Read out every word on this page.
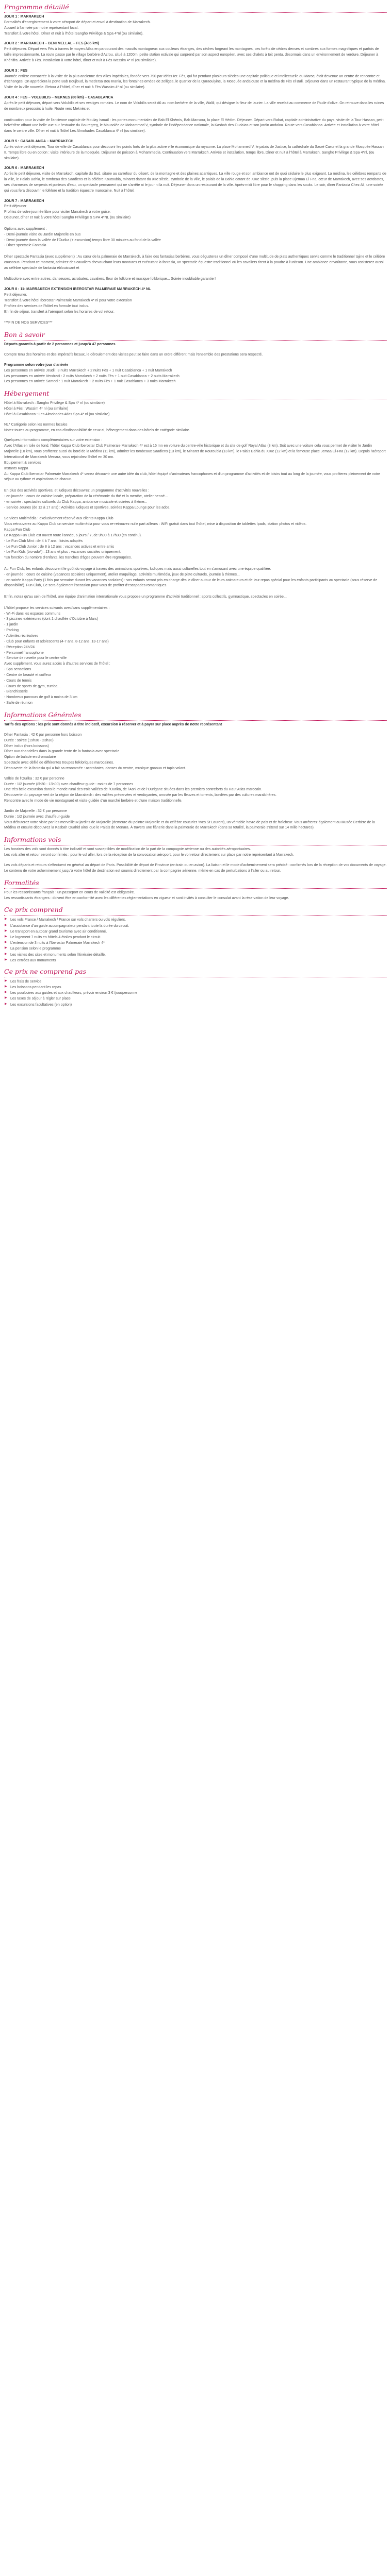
Programme détaillé

JOUR 1 : MARRAKECH
Formalités d'enregistrement à votre aéroport de départ et envol à destination de Marrakech.
Accueil à l'arrivée par notre représentant local.
Transfert à votre hôtel. Dîner et nuit à l'hôtel Sangho Privilège & Spa 4*nl (ou similaire).

JOUR 2 : MARRAKECH – BENI MELLAL – FES (485 km)
Petit déjeuner. Départ vers Fès à travers le moyen Atlas en parcourant des massifs montagneux aux couleurs étranges, des cèdres forgeant les montagnes, ces forêts de cèdres denses et sombres aux formes magnifiques et parfois de taille impressionnante. La route passe par le village berbère d'Azrou, situé à 1200m, petite station estivale qui surprend par son aspect européen, avec ses chalets à toit pentu, désormais dans un environnement de verdure. Déjeuner à Khénifra. Arrivée à Fès. Installation à votre hôtel, dîner et nuit à Fès Wassim 4* nl (ou similaire).

JOUR 3 : FES
Journée entière consacrée à la visite de la plus ancienne des villes impériales, fondée vers 790 par Idriss Ier. Fès, qui fut pendant plusieurs siècles une capitale politique et intellectuelle du Maroc, était devenue un centre de rencontre et d'échanges. On appréciera la porte Bab Boujloud, la medersa Bou Inania, les fontaines ornées de zelliges, le quartier de la Qaraouiyine, la Mosquée andalouse et la médina de Fès el Bali. Déjeuner dans un restaurant typique de la médina. Visite de la ville nouvelle. Retour à l'hôtel, dîner et nuit à Fès Wassim 4* nl (ou similaire).

JOUR 4 : FES – VOLUBILIS – MEKNES (80 km) – CASABLANCA
Après le petit déjeuner, départ vers Volubilis et ses vestiges romains. Le nom de Volubilis serait dû au nom berbère de la ville, Walili, qui désigne la fleur de laurier. La ville recelait au commerce de l'huile d'olive. On retrouve dans les ruines de nombreux pressoirs à huile. Route vers Meknès et

continuation pour la visite de l'ancienne capitale de Moulay Ismaïl : les portes monumentales de Bab El Khémis, Bab Mansour, la place El Hédim. Déjeuner. Départ vers Rabat, capitale administrative du pays, visite de la Tour Hassan, petit belvédère offrant une belle vue sur l'estuaire du Bouregreg, le Mausolée de Mohammed V, symbole de l'indépendance nationale, la Kasbah des Oudaïas et son jardin andalou. Route vers Casablanca. Arrivée et installation à votre hôtel dans le centre ville. Dîner et nuit à l'hôtel Les Almohades Casablanca 4* nl (ou similaire).

JOUR 5 : CASABLANCA – MARRAKECH
Après votre petit déjeuner, Tour de ville de Casablanca pour découvrir les points forts de la plus active ville économique du royaume. La place Mohammed V, le palais de Justice, la cathédrale du Sacré Cœur et la grande Mosquée Hassan II. Temps libre ou en option : visite intérieure de la mosquée. Déjeuner de poisson à Mohammedia. Continuation vers Marrakech. Arrivée et installation, temps libre, Dîner et nuit à l'hôtel à Marrakech, Sangho Privilège & Spa 4*nl, (ou similaire).

JOUR 6 : MARRAKECH
Après le petit déjeuner, visite de Marrakech, capitale du Sud, située au carrefour du désert, de la montagne et des plaines atlantiques. La ville rouge et son ambiance ont de quoi séduire le plus exigeant. La médina, les célèbres remparts de la ville, le Palais Bahia, le tombeau des Saadiens et la célèbre Koutoubia, minaret datant du XIIe siècle, symbole de la ville, le palais de la Bahia datant de XIXe siècle, puis la place Djemaa El Fna, cœur de Marrakech, avec ses acrobates, ses charmeurs de serpents et porteurs d'eau, un spectacle permanent qui ne s'arrête ni le jour ni la nuit. Déjeuner dans un restaurant de la ville. Après-midi libre pour le shopping dans les souks. Le soir, dîner Fantasia Chez Ali, une soirée qui vous fera découvrir le folklore et la tradition équestre marocaine. Nuit à l'hôtel.

JOUR 7 : MARRAKECH
Petit déjeuner
Profitez de votre journée libre pour visiter Marrakech à votre guise.
Déjeuner, dîner et nuit à votre hôtel Sangho Privilège & SPA 4*NL (ou similaire)

Options avec supplément :
- Demi-journée visite du Jardin Majorelle en bus
- Demi-journée dans la vallée de l'Ourika (+ excursion) temps libre 30 minutes au fond de la vallée
- Dîner spectacle Fantasia

Dîner spectacle Fantasia (avec supplément) : Au cœur de la palmeraie de Marrakech, à faire des fantasias berbères, vous dégusterez un dîner composé d'une multitude de plats authentiques servis comme le traditionnel tajine et le célèbre couscous. Pendant ce moment, admirez des cavaliers chevauchant leurs montures et exécutant la fantasia, un spectacle équestre traditionnel où les cavaliers tirent à la poudre à l'unisson. Une ambiance envoûtante, vous assisterez aussi au célèbre spectacle de fantasia éblouissant et

Multicolore avec entre autres, danseuses, acrobates, cavaliers, fleur de folklore et musique folklorique... Soirée inoubliable garantie !

JOUR 8 : 11: MARRAKECH EXTENSION IBEROSTAR PALMERAIE MARRAKECH 4* NL
Petit déjeuner.
Transfert à votre hôtel Iberostar Palmeraie Marrakech 4* nl pour votre extension
Profitez des services de l'hôtel en formule tout inclus.
En fin de séjour, transfert à l'aéroport selon les horaires de vol retour.

***FIN DE NOS SERVICES***

Bon à savoir

Départs garantis à partir de 2 personnes et jusqu'à 47 personnes

Compte tenu des horaires et des impératifs locaux, le déroulement des visites peut se faire dans un ordre différent mais l'ensemble des prestations sera respecté.

Programme selon votre jour d'arrivée
Les personnes en arrivée Jeudi : 3 nuits Marrakech + 2 nuits Fès + 1 nuit Casablanca + 1 nuit Marrakech
Les personnes en arrivée Vendredi : 2 nuits Marrakech + 2 nuits Fès + 1 nuit Casablanca + 2 nuits Marrakech
Les personnes en arrivée Samedi : 1 nuit Marrakech + 2 nuits Fès + 1 nuit Casablanca + 3 nuits Marrakech

Hébergement

Hôtel à Marrakech : Sangho Privilège & Spa 4* nl (ou similaire)
Hôtel à Fès : Wassim 4* nl (ou similaire)
Hôtel à Casablanca : Les Almohades Atlas Spa 4* nl (ou similaire)

NL* Catégorie selon les normes locales
Notez toutes au programme, en cas d'indisponibilité de ceux-ci, hébergement dans des hôtels de catégorie similaire.

Quelques informations complémentaires sur votre extension :
Avec l'Atlas en toile de fond, l'hôtel Kappa Club Iberostar Club Palmeraie Marrakech 4* est à 15 mn en voiture du centre-ville historique et du site de golf Royal Atlas (3 km). Soit avec une voiture cela vous permet de visiter le Jardin Majorelle (10 km), vous profiterez aussi du bord de la Médina (11 km), admirer les tombeaux Saadiens (13 km), le Minaret de Koutoubia (13 km), le Palais Bahia du XIXe (12 km) et la fameuse place Jemaa El-Fna (12 km). Depuis l'aéroport International de Marrakech Menara, vous rejoindrez l'hôtel en 30 mn.
Equipement & services
Instants Kappa
Au Kappa Club Iberostar Palmeraie Marrakech 4* venez découvrir une autre idée du club, hôtel équipé d'animateurs francophones et d'un programme d'activités et de loisirs tout au long de la journée, vous profiterez pleinement de votre séjour au rythme et aspirations de chacun.

En plus des activités sportives, et ludiques découvrez un programme d'activités nouvelles :
- en journée : cours de cuisine locale, préparation de la cérémonie du thé et la menthe, atelier henné...
- en soirée : spectacles culturels du Club Kappa, ambiance musicale et soirées à thème...
- Service Jeunes (de 12 à 17 ans) : Activités ludiques et sportives, soirées Kappa Lounge pour les ados.

Services Multimédia : exclusivement réservé aux clients Kappa Club
Vous retrouverez au Kappa Club un service multimédia pour vous re-retrouvez nulle part ailleurs : WiFi gratuit dans tout l'hôtel, mise à disposition de tablettes Ipads, station photos et vidéos.
Kappa Fun Club
Le Kappa Fun Club est ouvert toute l'année, 6 jours / 7, de 9h00 à 17h30 (en continu).
- Le Fun Club Mini : de 4 à 7 ans : loisirs adaptés
- Le Fun Club Junior : de 8 à 12 ans : vacances actives et entre amis
- Le Fun Kids (bio-ado*) : 13 ans et plus : vacances sociales uniquement.
*En fonction du nombre d'enfants, les tranches d'âges peuvent être regroupées.

Au Fun Club, les enfants découvrent le goût du voyage à travers des animations sportives, ludiques mais aussi culturelles tout en s'amusant avec une équipe qualifiée.
- en journée : cours de cuisine (vacances scolaires uniquement), atelier maquillage, activités multimédia, jeux de piste culturels, journée à thèmes...
- en soirée Kappa Party (1 fois par semaine durant les vacances scolaires) : vos enfants seront pris en charge dès le dîner autour de leurs animateurs et de leur repas spécial pour les enfants participants au spectacle (sous réserve de disponibilité). Fun Club, Ce sera également l'occasion pour vous de profiter d'escapades romantiques.

Enfin, notez qu'au sein de l'hôtel, une équipe d'animation internationale vous propose un programme d'activité traditionnel : sports collectifs, gymnastique, spectacles en soirée...

L'hôtel propose les services suivants avec/sans supplémentaires :
- Wi-Fi dans les espaces communs
- 3 piscines extérieures (dont 1 chauffée d'Octobre à Mars)
- 1 jardin
- Parking
- Activités récréatives
- Club pour enfants et adolescents (4-7 ans, 8-12 ans, 13-17 ans)
- Réception 24h/24
- Personnel francophone
- Service de navette pour le centre ville
Avec supplément, vous aurez accès à d'autres services de l'hôtel :
- Spa sensations
- Centre de beauté et coiffeur
- Cours de tennis
- Cours de sports de gym, zumba...
- Blanchisserie
- Nombreux parcours de golf à moins de 3 km
- Salle de réunion

Informations Générales

Tarifs des options : les prix sont donnés à titre indicatif, excursion à réserver et à payer sur place auprès de notre représentant

Dîner Fantasia : 42 € par personne hors boisson
Durée : soirée (19h30 - 23h30)
Dîner inclus (hors boissons)
Dîner aux chandelles dans la grande tente de la fantasia avec spectacle
Option de balade en dromadaire
Spectacle avec défilé de différentes troupes folkloriques marocaines.
Découverte de la fantasia qui a fait sa renommée : accrobates, danses du ventre, musique gnaoua et tapis volant.

Vallée de l'Ourika : 32 € par personne
Durée : 1/2 journée (8h30 - 13h00) avec chauffeur-guide - moins de 7 personnes
Une très belle excursion dans le monde rural des trois vallées de l'Ourika, de l'Asni et de l'Ourigane situées dans les premiers contreforts du Haut Atlas marocain.
Découverte du paysage vert de la région de Marrakech : des vallées préservées et verdoyantes, arrosée par les fleuves et torrents, bordées par des cultures maraîchères.
Rencontre avec le mode de vie montagnard et visite guidée d'un marché berbère et d'une maison traditionnelle.

Jardin de Majorelle : 32 € par personne
Durée : 1/2 journée avec chauffeur-guide
Vous débuterez votre visite par les merveilleux jardins de Majorelle (demeure du peintre Majorelle et du célèbre couturier Yves St Laurent), un véritable havre de paix et de fraîcheur. Vous arrêterez également au Musée Berbère de la Médina et ensuite découvrez la Kasbah Ouahid ainsi que le Palais de Menara. À travers une flânerie dans la palmeraie de Marrakech (dans sa totalité, la palmeraie s'étend sur 14 mille hectares).

Informations vols

Les horaires des vols sont donnés à titre indicatif et sont susceptibles de modification de la part de la compagnie aérienne ou des autorités aéroportuaires.
Les vols aller et retour seront confirmés : pour le vol aller, lors de la réception de la convocation aéroport, pour le vol retour directement sur place par notre représentant à Marrakech.

Les vols départs et retours s'effectuent en général au départ de Paris. Possibilité de départ de Province (en train ou en avion). La liaison et le mode d'acheminement sera précisé : confirmés lors de la réception de vos documents de voyage.
Le contenu de votre acheminement jusqu'à votre hôtel de destination est soumis directement par la compagnie aérienne, même en cas de perturbations à l'aller ou au retour.

Formalités

Pour les ressortissants français : un passeport en cours de validité est obligatoire.
Les ressortissants étrangers : doivent être en conformité avec les différentes réglementations en vigueur et sont invités à consulter le consulat avant la réservation de leur voyage.

Ce prix comprend
▶ Les vols France / Marrakech / France sur vols charters ou vols réguliers.
▶ L'assistance d'un guide accompagnateur pendant toute la durée du circuit.
▶ Le transport en autocar grand tourisme avec air conditionné.
▶ Le logement 7 nuits en hôtels 4 étoiles pendant le circuit.
▶ L'extension de 3 nuits à l'Iberostar Palmeraie Marrakech 4*
▶ La pension selon le programme
▶ Les visites des sites et monuments selon l'itinéraire détaillé.
▶ Les entrées aux monuments
Ce prix ne comprend pas
▶ Les frais de service
▶ Les boissons pendant les repas
▶ Les pourboires aux guides et aux chauffeurs, prévoir environ 3 € /jour/personne
▶ Les taxes de séjour à régler sur place
▶ Les excursions facultatives (en option)
